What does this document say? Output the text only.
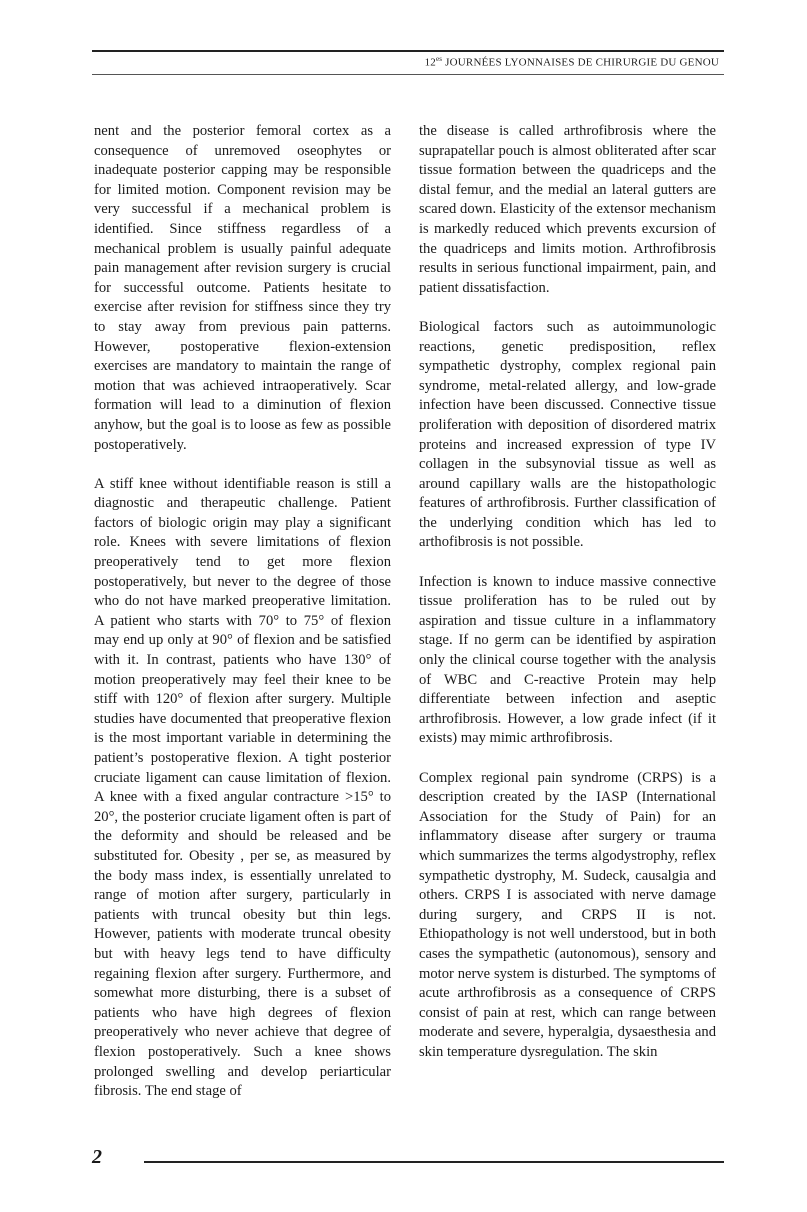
$12^{es}$ JOURNÉES LYONNAISES DE CHIRURGIE DU GENOU

nent and the posterior femoral cortex as a consequence of unremoved oseophytes or inadequate posterior capping may be responsible for limited motion. Component revision may be very successful if a mechanical problem is identified. Since stiffness regardless of a mechanical problem is usually painful adequate pain management after revision surgery is crucial for successful outcome. Patients hesitate to exercise after revision for stiffness since they try to stay away from previous pain patterns. However, postoperative flexion-extension exercises are mandatory to maintain the range of motion that was achieved intraoperatively. Scar formation will lead to a diminution of flexion anyhow, but the goal is to loose as few as possible postoperatively.

A stiff knee without identifiable reason is still a diagnostic and therapeutic challenge. Patient factors of biologic origin may play a significant role. Knees with severe limitations of flexion preoperatively tend to get more flexion postoperatively, but never to the degree of those who do not have marked preoperative limitation. A patient who starts with 70° to 75° of flexion may end up only at 90° of flexion and be satisfied with it. In contrast, patients who have 130° of motion preoperatively may feel their knee to be stiff with 120° of flexion after surgery. Multiple studies have documented that preoperative flexion is the most important variable in determining the patient’s postoperative flexion. A tight posterior cruciate ligament can cause limitation of flexion. A knee with a fixed angular contracture >15° to 20°, the posterior cruciate ligament often is part of the deformity and should be released and be substituted for. Obesity , per se, as measured by the body mass index, is essentially unrelated to range of motion after surgery, particularly in patients with truncal obesity but thin legs. However, patients with moderate truncal obesity but with heavy legs tend to have difficulty regaining flexion after surgery. Furthermore, and somewhat more disturbing, there is a subset of patients who have high degrees of flexion preoperatively who never achieve that degree of flexion postoperatively. Such a knee shows prolonged swelling and develop periarticular fibrosis. The end stage of

the disease is called arthrofibrosis where the suprapatellar pouch is almost obliterated after scar tissue formation between the quadriceps and the distal femur, and the medial an lateral gutters are scared down. Elasticity of the extensor mechanism is markedly reduced which prevents excursion of the quadriceps and limits motion. Arthrofibrosis results in serious functional impairment, pain, and patient dissatisfaction.

Biological factors such as autoimmunologic reactions, genetic predisposition, reflex sympathetic dystrophy, complex regional pain syndrome, metal-related allergy, and low-grade infection have been discussed. Connective tissue proliferation with deposition of disordered matrix proteins and increased expression of type IV collagen in the subsynovial tissue as well as around capillary walls are the histopathologic features of arthrofibrosis. Further classification of the underlying condition which has led to arthofibrosis is not possible.

Infection is known to induce massive connective tissue proliferation has to be ruled out by aspiration and tissue culture in a inflammatory stage. If no germ can be identified by aspiration only the clinical course together with the analysis of WBC and C-reactive Protein may help differentiate between infection and aseptic arthrofibrosis. However, a low grade infect (if it exists) may mimic arthrofibrosis.

Complex regional pain syndrome (CRPS) is a description created by the IASP (International Association for the Study of Pain) for an inflammatory disease after surgery or trauma which summarizes the terms algodystrophy, reflex sympathetic dystrophy, M. Sudeck, causalgia and others. CRPS I is associated with nerve damage during surgery, and CRPS II is not. Ethiopathology is not well understood, but in both cases the sympathetic (autonomous), sensory and motor nerve system is disturbed. The symptoms of acute arthrofibrosis as a consequence of CRPS consist of pain at rest, which can range between moderate and severe, hyperalgia, dysaesthesia and skin temperature dysregulation. The skin

2
